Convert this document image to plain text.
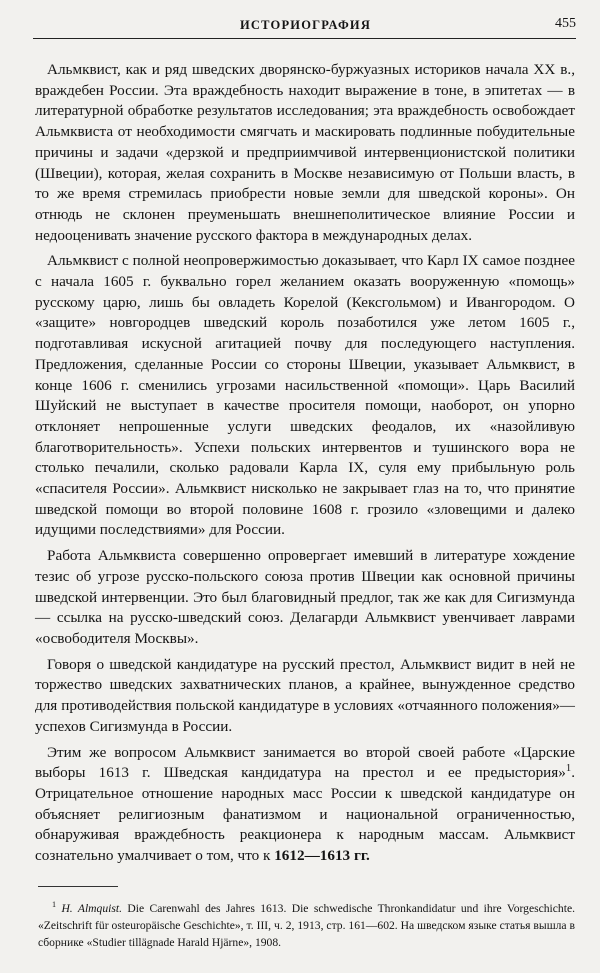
ИСТОРИОГРАФИЯ	455

Альмквист, как и ряд шведских дворянско-буржуазных историков начала XX в., враждебен России. Эта враждебность находит выражение в тоне, в эпитетах — в литературной обработке результатов исследования; эта враждебность освобождает Альмквиста от необходимости смягчать и маскировать подлинные побудительные причины и задачи «дерзкой и предприимчивой интервенционистской политики (Швеции), которая, желая сохранить в Москве независимую от Польши власть, в то же время стремилась приобрести новые земли для шведской короны». Он отнюдь не склонен преуменьшать внешнеполитическое влияние России и недооценивать значение русского фактора в международных делах.

Альмквист с полной неопровержимостью доказывает, что Карл IX самое позднее с начала 1605 г. буквально горел желанием оказать вооруженную «помощь» русскому царю, лишь бы овладеть Корелой (Кексгольмом) и Ивангородом. О «защите» новгородцев шведский король позаботился уже летом 1605 г., подготавливая искусной агитацией почву для последующего наступления. Предложения, сделанные России со стороны Швеции, указывает Альмквист, в конце 1606 г. сменились угрозами насильственной «помощи». Царь Василий Шуйский не выступает в качестве просителя помощи, наоборот, он упорно отклоняет непрошенные услуги шведских феодалов, их «назойливую благотворительность». Успехи польских интервентов и тушинского вора не столько печалили, сколько радовали Карла IX, суля ему прибыльную роль «спасителя России». Альмквист нисколько не закрывает глаз на то, что принятие шведской помощи во второй половине 1608 г. грозило «зловещими и далеко идущими последствиями» для России.

Работа Альмквиста совершенно опровергает имевший в литературе хождение тезис об угрозе русско-польского союза против Швеции как основной причины шведской интервенции. Это был благовидный предлог, так же как для Сигизмунда — ссылка на русско-шведский союз. Делагарди Альмквист увенчивает лаврами «освободителя Москвы».

Говоря о шведской кандидатуре на русский престол, Альмквист видит в ней не торжество шведских захватнических планов, а крайнее, вынужденное средство для противодействия польской кандидатуре в условиях «отчаянного положения»— успехов Сигизмунда в России.

Этим же вопросом Альмквист занимается во второй своей работе «Царские выборы 1613 г. Шведская кандидатура на престол и ее предыстория»$^1$. Отрицательное отношение народных масс России к шведской кандидатуре он объясняет религиозным фанатизмом и национальной ограниченностью, обнаруживая враждебность реакционера к народным массам. Альмквист сознательно умалчивает о том, что к 1612—1613 гг.

$^1$ H. Almquist. Die Carenwahl des Jahres 1613. Die schwedische Thronkandidatur und ihre Vorgeschichte. «Zeitschrift für osteuropäische Geschichte», т. III, ч. 2, 1913, стр. 161—602. На шведском языке статья вышла в сборнике «Studier tillägnade Harald Hjärne», 1908.
